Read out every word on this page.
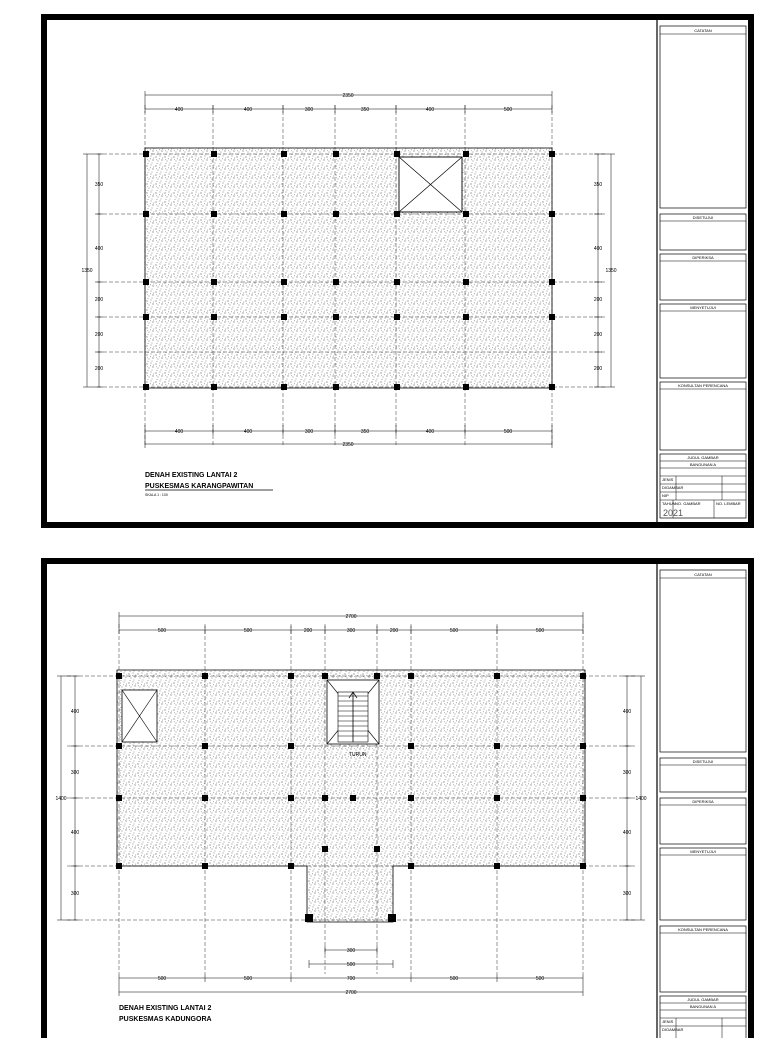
2350
400	400	300	350	400	500
400	400	300	350	400	500
2350
1350
350
400
200
200
200
350
400
200
200
200
1350
DENAH EXISTING LANTAI 2
PUSKESMAS KARANGPAWITAN
SKALA 1 : 100
CATATAN
DISETUJUI
DIPERIKSA
MENYETUJUI
KONSULTAN PERENCANA
JUDUL GAMBAR
BANGUNAN A
JENIS
DIGAMBAR
NIP
TAHUN NO. GAMBAR	NO. LEMBAR
2021
TURUN
2700
500	500	200	300	200	500	500
300
500
500	500	700	500	500
2700
1400
400
300
400
300
400
300
400
300
1400
DENAH EXISTING LANTAI 2
PUSKESMAS KADUNGORA
CATATAN
DISETUJUI
DIPERIKSA
MENYETUJUI
KONSULTAN PERENCANA
JUDUL GAMBAR
BANGUNAN A
JENIS
DIGAMBAR
